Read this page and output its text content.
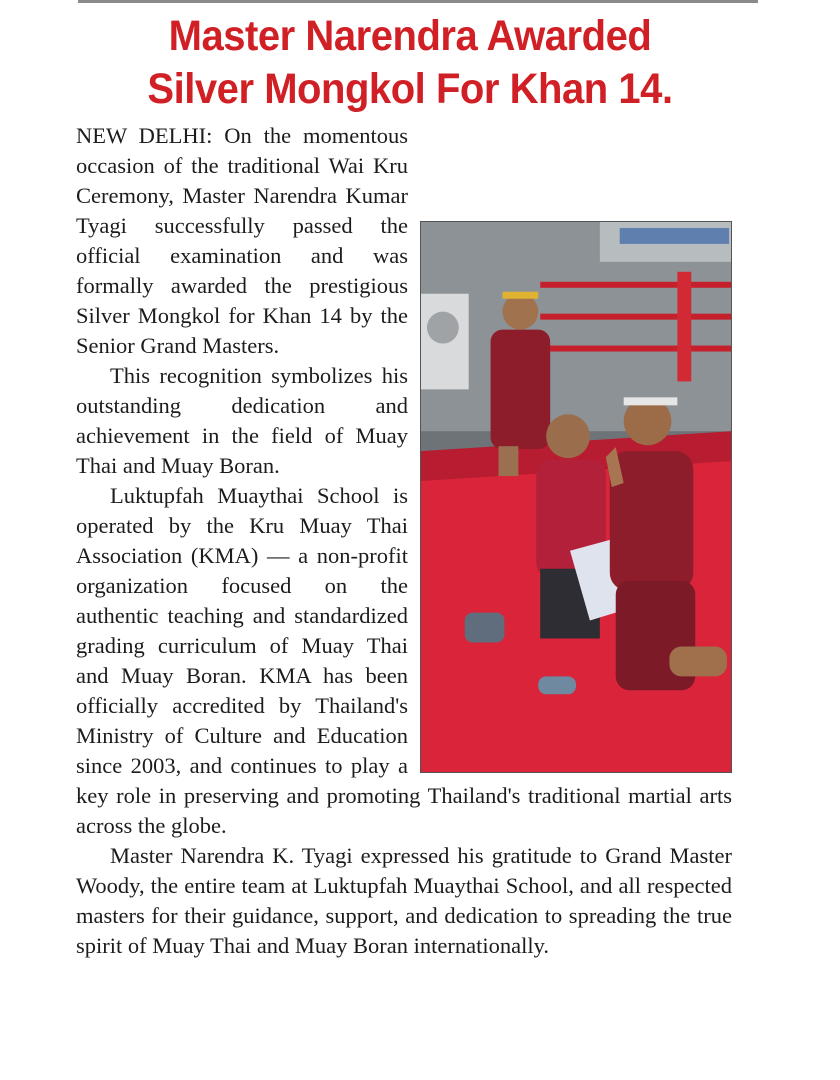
Master Narendra Awarded
Silver Mongkol For Khan 14.

NEW DELHI: On the momentous occasion of the traditional Wai Kru Ceremony, Master Narendra Kumar Tyagi successfully passed the official examination and was formally awarded the prestigious Silver Mongkol for Khan 14 by the Senior Grand Masters.

This recognition symbolizes his outstanding dedication and achievement in the field of Muay Thai and Muay Boran.

Luktupfah Muaythai School is operated by the Kru Muay Thai Association (KMA) — a non-profit organization focused on the authentic teaching and standardized grading curriculum of Muay Thai and Muay Boran. KMA has been officially accredited by Thailand's Ministry of Culture and Education since 2003, and continues to play a key role in preserving and promoting Thailand's traditional martial arts across the globe.

Master Narendra K. Tyagi expressed his gratitude to Grand Master Woody, the entire team at Luktupfah Muaythai School, and all respected masters for their guidance, support, and dedication to spreading the true spirit of Muay Thai and Muay Boran internationally.
